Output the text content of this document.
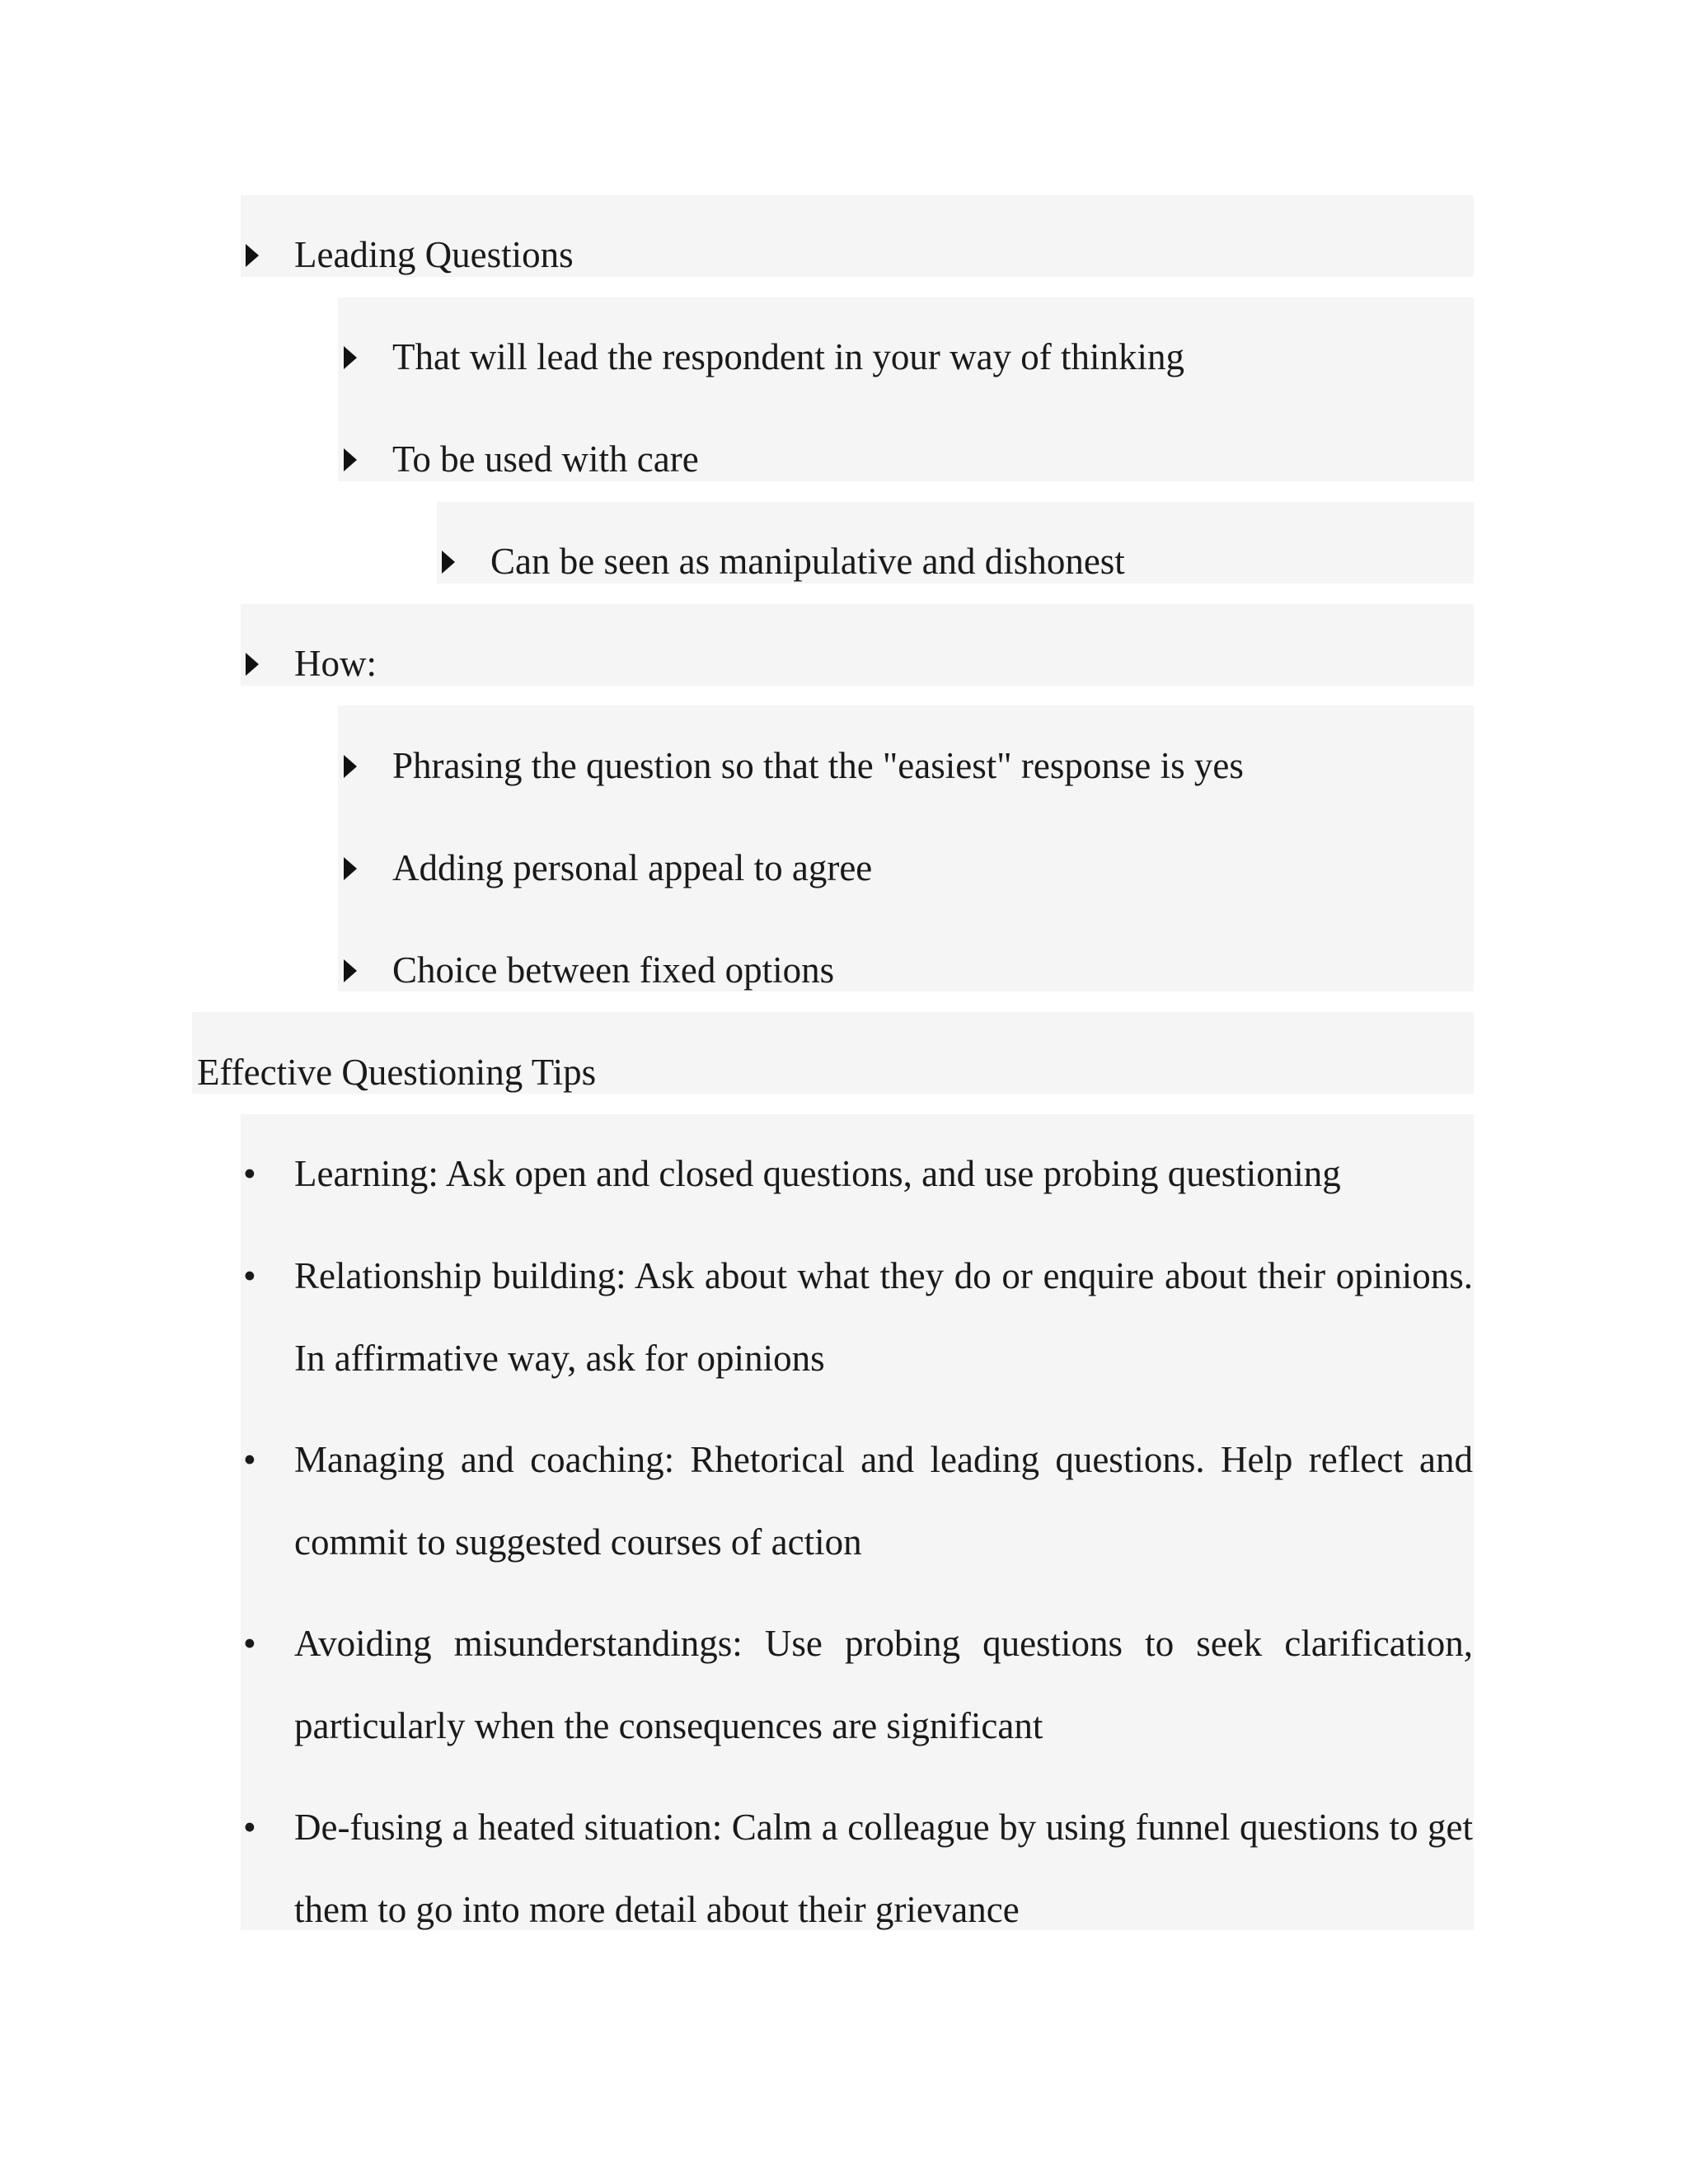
Leading Questions
That will lead the respondent in your way of thinking
To be used with care
Can be seen as manipulative and dishonest
How:
Phrasing the question so that the "easiest" response is yes
Adding personal appeal to agree
Choice between fixed options
Effective Questioning Tips
• Learning: Ask open and closed questions, and use probing questioning
• Relationship building: Ask about what they do or enquire about their opinions. In affirmative way, ask for opinions
• Managing and coaching: Rhetorical and leading questions. Help reflect and commit to suggested courses of action
• Avoiding misunderstandings: Use probing questions to seek clarification, particularly when the consequences are significant
• De-fusing a heated situation: Calm a colleague by using funnel questions to get them to go into more detail about their grievance
